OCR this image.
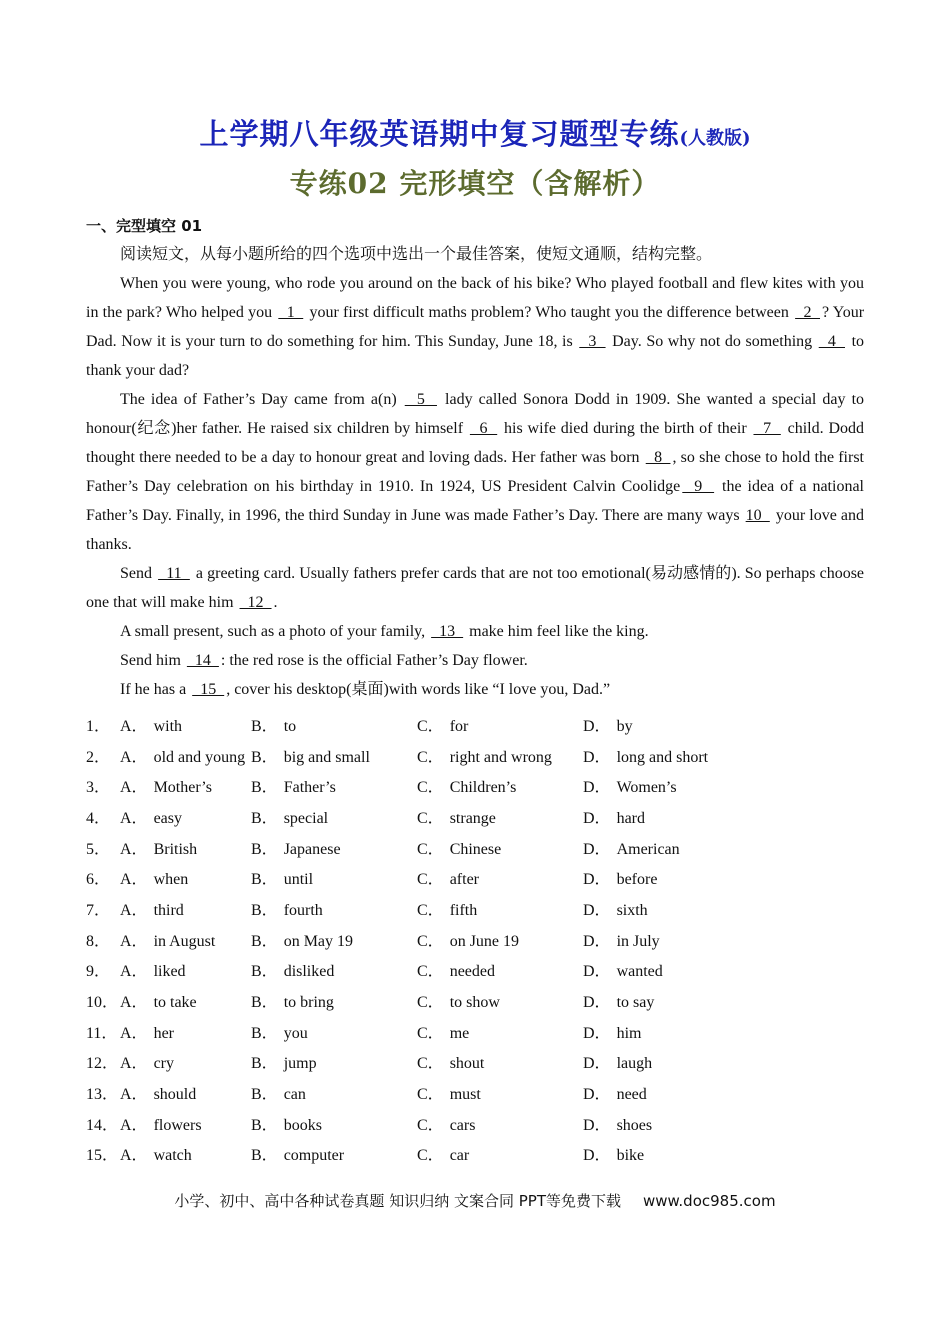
上学期八年级英语期中复习题型专练(人教版)
专练02 完形填空（含解析）
一、完型填空 01

阅读短文，从每小题所给的四个选项中选出一个最佳答案，使短文通顺，结构完整。

When you were young, who rode you around on the back of his bike? Who played football and flew kites with you in the park? Who helped you   1   your first difficult maths problem? Who taught you the difference between   2  ? Your Dad. Now it is your turn to do something for him. This Sunday, June 18, is   3   Day. So why not do something   4   to thank your dad?

The idea of Father’s Day came from a(n)   5   lady called Sonora Dodd in 1909. She wanted a special day to honour(纪念)her father. He raised six children by himself   6   his wife died during the birth of their   7   child. Dodd thought there needed to be a day to honour great and loving dads. Her father was born   8  , so she chose to hold the first Father’s Day celebration on his birthday in 1910. In 1924, US President Calvin Coolidge  9   the idea of a national Father’s Day. Finally, in 1996, the third Sunday in June was made Father’s Day. There are many ways 10   your love and thanks.

Send   11   a greeting card. Usually fathers prefer cards that are not too emotional(易动感情的). So perhaps choose one that will make him   12  .

A small present, such as a photo of your family,   13   make him feel like the king.

Send him   14  : the red rose is the official Father’s Day flower.

If he has a   15  , cover his desktop(桌面)with words like “I love you, Dad.”

1． A． with	B． to	C． for	D． by
2． A． old and young B． big and small	C． right and wrong	D． long and short
3． A． Mother’s	B． Father’s	C． Children’s	D． Women’s
4． A． easy	B． special	C． strange	D． hard
5． A． British	B． Japanese	C． Chinese	D． American
6． A． when	B． until	C． after	D． before
7． A． third	B． fourth	C． fifth	D． sixth
8． A． in August	B． on May 19	C． on June 19	D． in July
9． A． liked	B． disliked	C． needed	D． wanted
10． A． to take	B． to bring	C． to show	D． to say
11． A． her	B． you	C． me	D． him
12． A． cry	B． jump	C． shout	D． laugh
13． A． should	B． can	C． must	D． need
14． A． flowers	B． books	C． cars	D． shoes
15． A． watch	B． computer	C． car	D． bike
小学、初中、高中各种试卷真题 知识归纳 文案合同 PPT等免费下载 www.doc985.com
